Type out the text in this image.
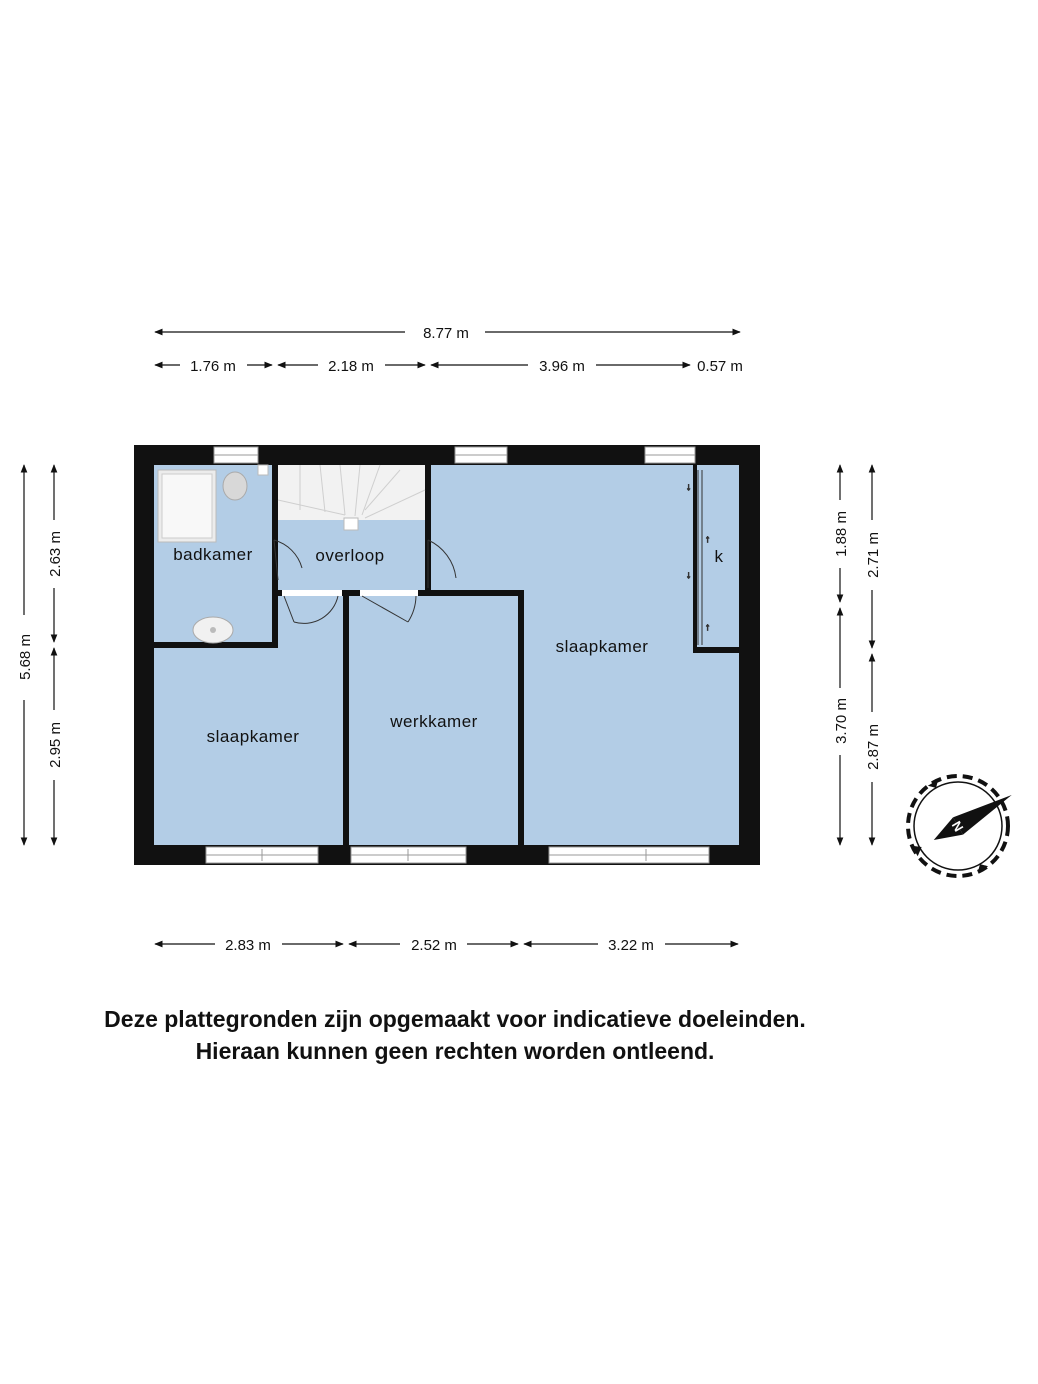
8.77 m
1.76 m	2.18 m	3.96 m	0.57 m
5.68 m
2.63 m
2.95 m
1.88 m
3.70 m
2.71 m
2.87 m
2.83 m	2.52 m	3.22 m
↓
↑
↓
↑
badkamer	overloop
slaapkamer
k
slaapkamer
werkkamer
N
Deze plattegronden zijn opgemaakt voor indicatieve doeleinden.
Hieraan kunnen geen rechten worden ontleend.
